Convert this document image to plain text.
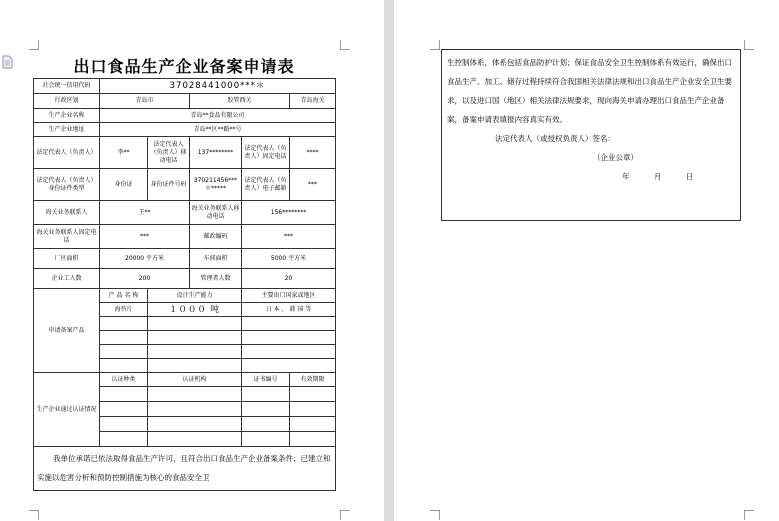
出口食品生产企业备案申请表
社会统一信用代码	37028441000***＊				
行政区划	青岛市		胶管西关		青岛海关
生产企业名称	青岛**食品有限公司				
生产企业地址	青岛**区**路**号				
法定代表人（负责人）	李**	法定代表人（负责人）移动电话	137********	法定代表人（负责人）固定电话	****
法定代表人（负责人）身份证件类型	身份证	身份证件号码	370211456***＊*****	法定代表人（负责人）电子邮箱	***
海关业务联系人	王**		海关业务联系人移动电话	156********	
海关业务联系人固定电话	***		邮政编码	***	
厂区面积	20000 平方米		车间面积	5000 平方米	
企业工人数	200		管理者人数	20	
申请备案产品	产 品 名 称	设计生产能力		主要出口国家或地区	
	海苔片	１０００ 吨		日 本 、 韩 国 等	

生产企业通过认证情况	认证种类	认证机构		证书编号	有效期限

我单位承诺已依法取得食品生产许可，且符合出口食品生产企业备案条件；已建立和实施以危害分析和预防控制措施为核心的食品安全卫					
生控制体系，体系包括食品防护计划；保证食品安全卫生控制体系有效运行，确保出口食品生产、加工、储存过程持续符合我国相关法律法规和出口食品生产企业安全卫生要求，以及进口国（地区）相关法律法规要求，现向海关申请办理出口食品生产企业备案，备案申请表填报内容真实有效。
法定代表人（或授权负责人）签名：
（企业公章）
年	月	日
